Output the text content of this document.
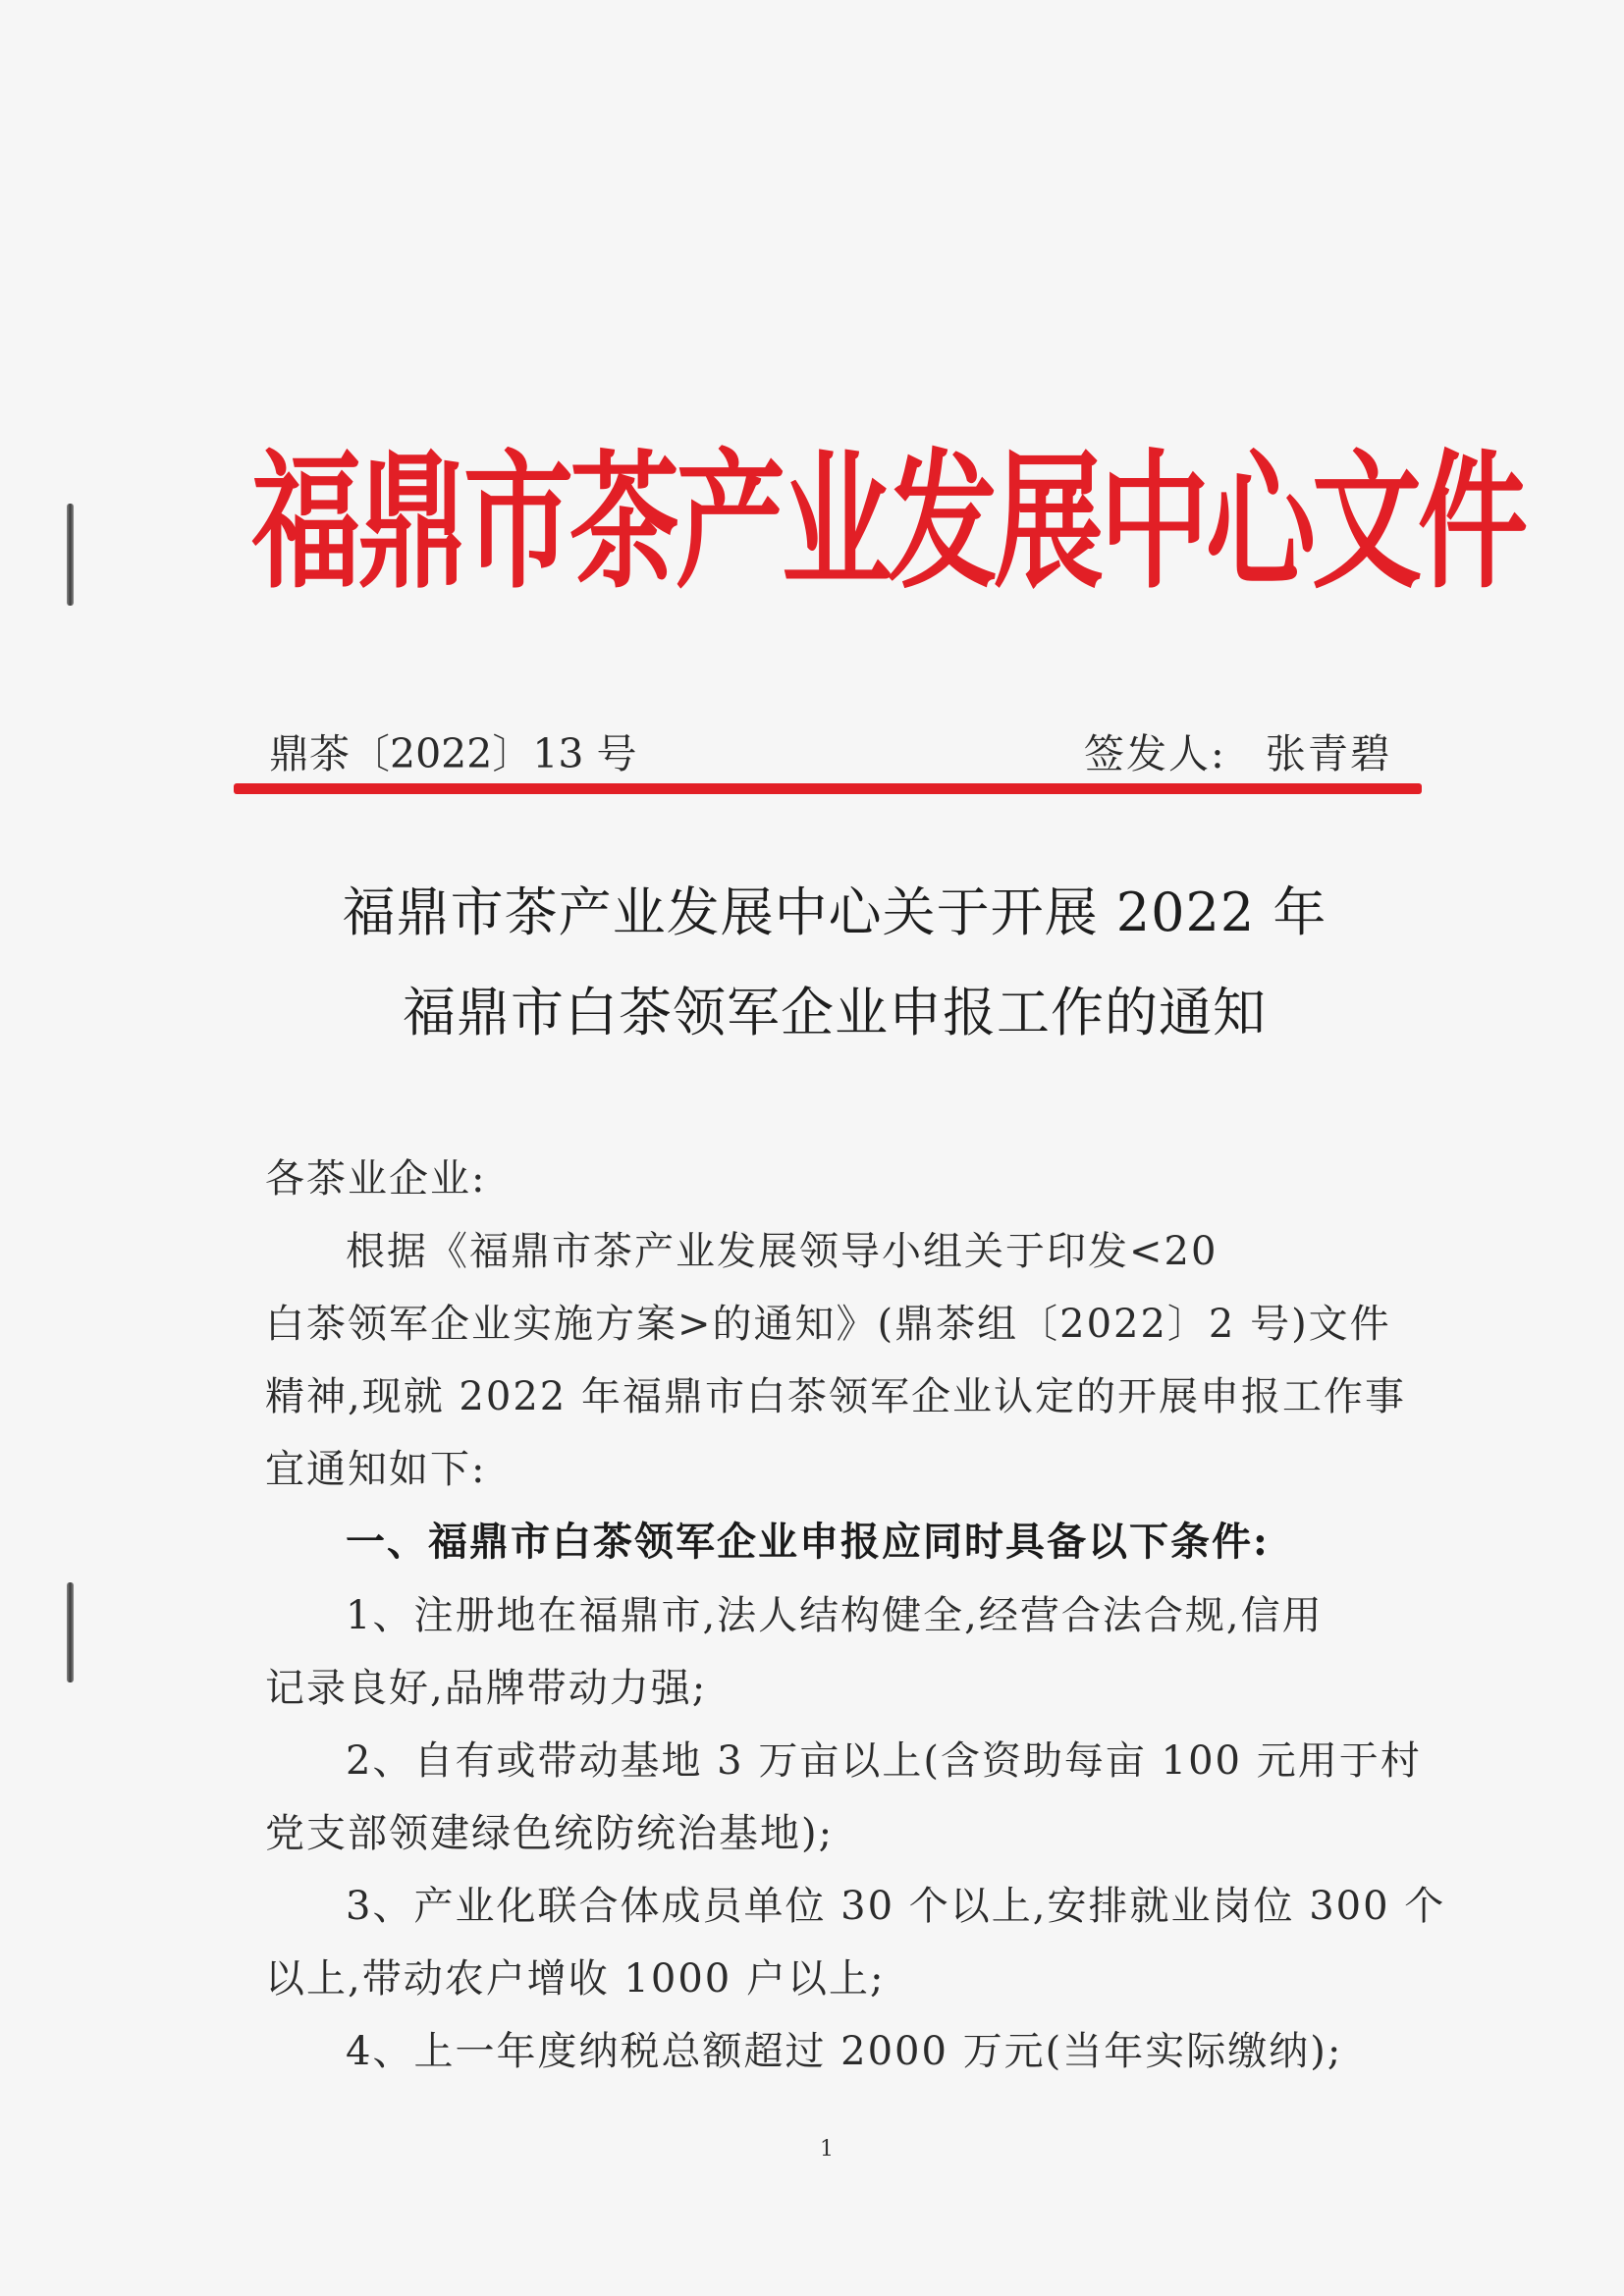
福鼎市茶产业发展中心文件
鼎茶〔2022〕13 号	签发人: 张青碧
福鼎市茶产业发展中心关于开展 2022 年
福鼎市白茶领军企业申报工作的通知
各茶业企业:
根据《福鼎市茶产业发展领导小组关于印发<20
白茶领军企业实施方案>的通知》(鼎茶组〔2022〕2 号)文件
精神,现就 2022 年福鼎市白茶领军企业认定的开展申报工作事
宜通知如下:
一、福鼎市白茶领军企业申报应同时具备以下条件:
1、注册地在福鼎市,法人结构健全,经营合法合规,信用
记录良好,品牌带动力强;
2、自有或带动基地 3 万亩以上(含资助每亩 100 元用于村
党支部领建绿色统防统治基地);
3、产业化联合体成员单位 30 个以上,安排就业岗位 300 个
以上,带动农户增收 1000 户以上;
4、上一年度纳税总额超过 2000 万元(当年实际缴纳);
1
